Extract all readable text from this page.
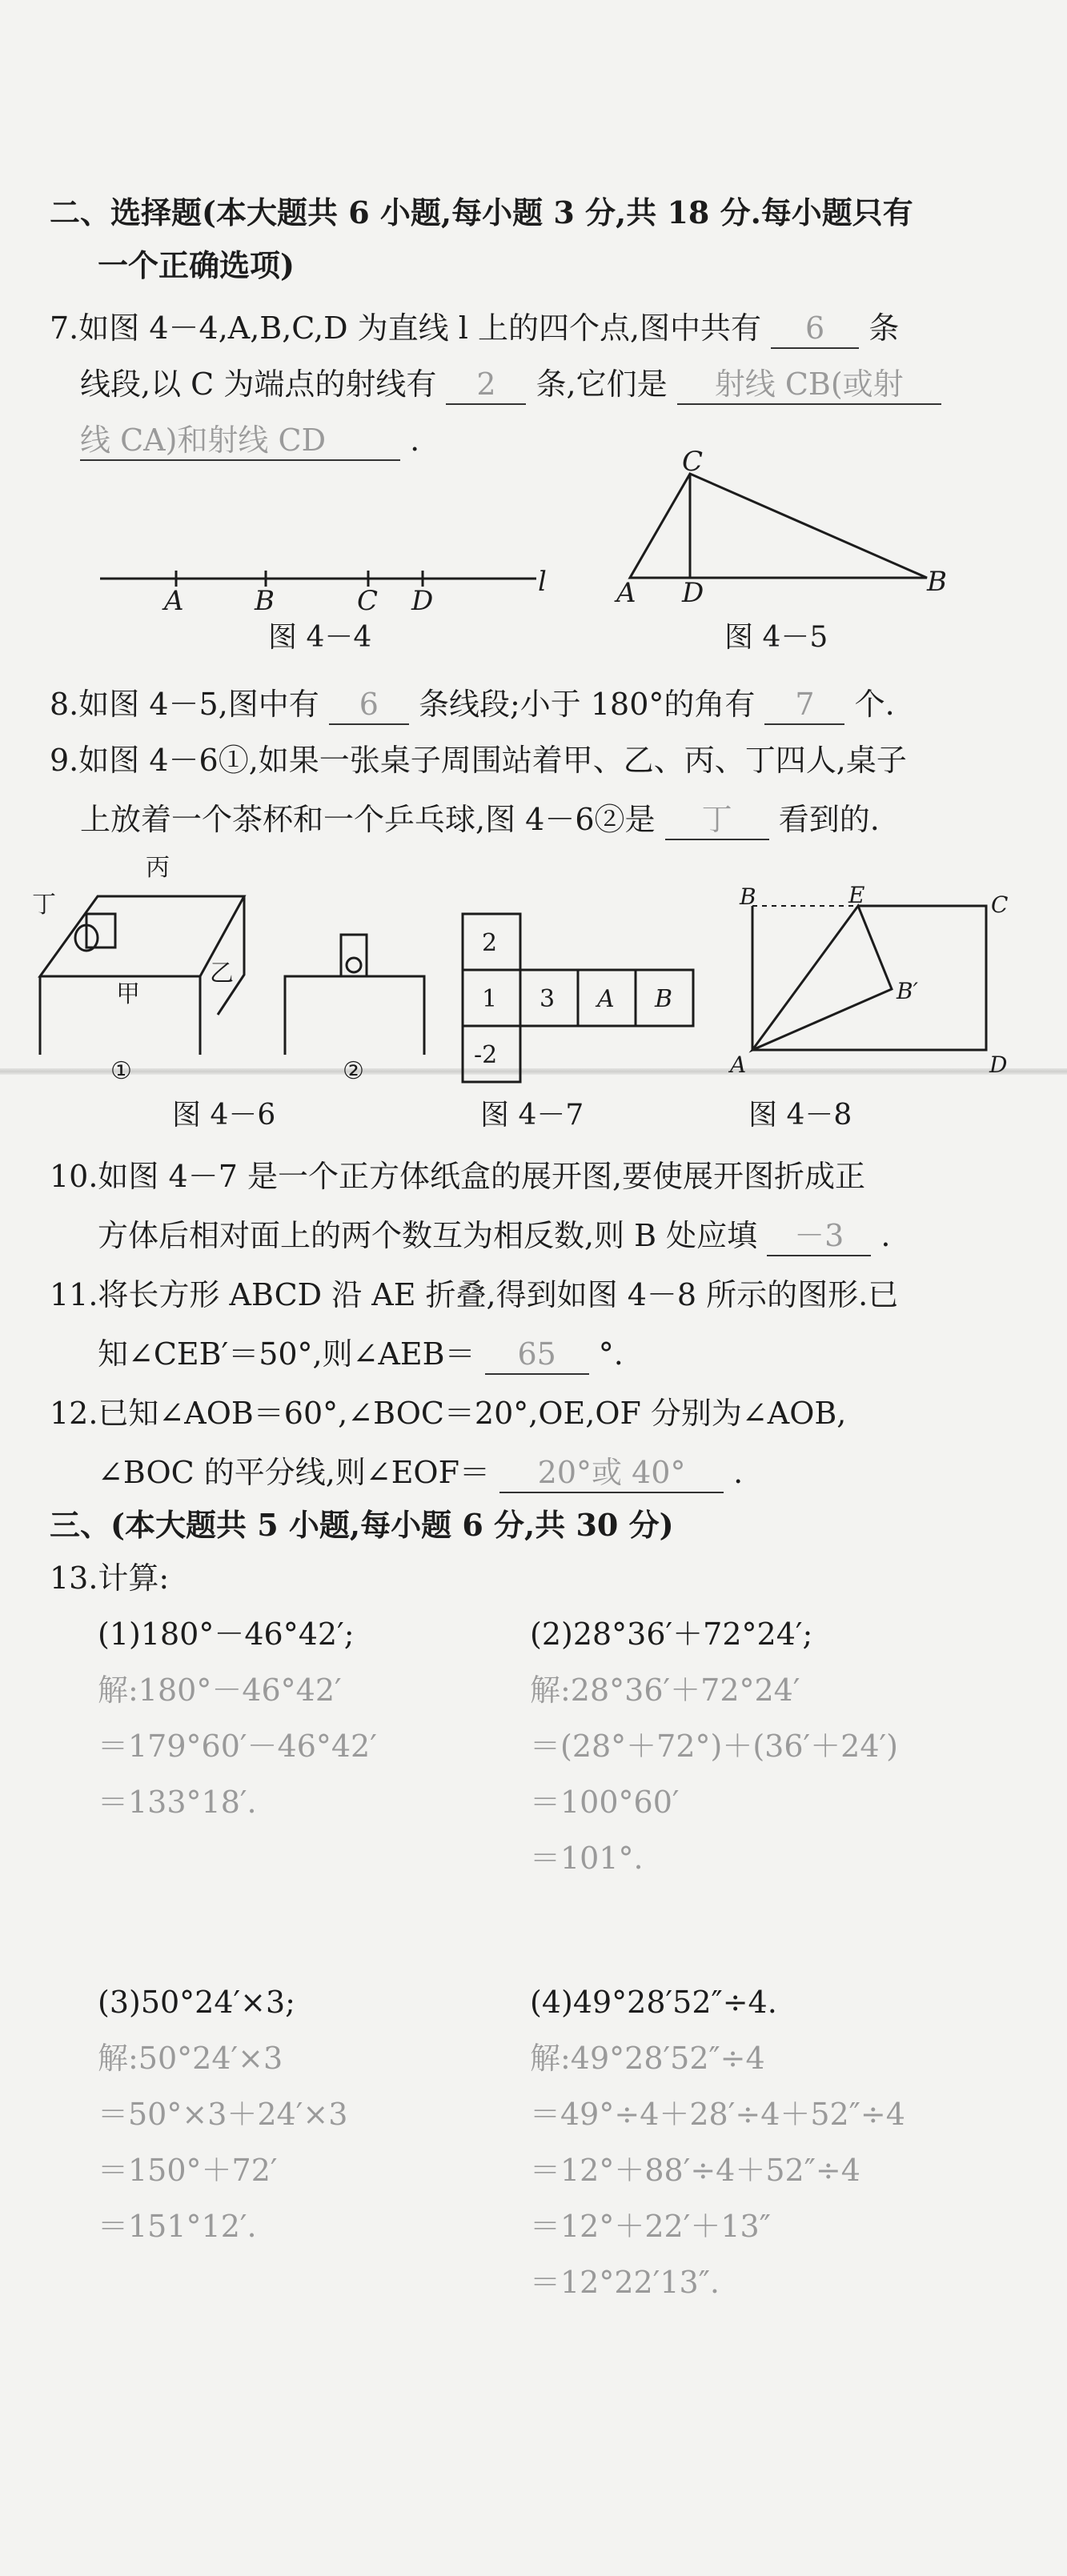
二、选择题(本大题共 6 小题,每小题 3 分,共 18 分.每小题只有
一个正确选项)
7.如图 4－4,A,B,C,D 为直线 l 上的四个点,图中共有 6 条
线段,以 C 为端点的射线有 2 条,它们是 射线 CB(或射
线 CA)和射线 CD	.
A	B	C D
l
C
A D	B
B	E	C
B′
A	D
丙
丁
甲
乙
①	②
2
1 3 A B
-2
图 4－4	图 4－5
8.如图 4－5,图中有 6 条线段;小于 180°的角有 7 个.
9.如图 4－6①,如果一张桌子周围站着甲、乙、丙、丁四人,桌子
上放着一个茶杯和一个乒乓球,图 4－6②是 丁 看到的.
图 4－6	图 4－7	图 4－8
10.如图 4－7 是一个正方体纸盒的展开图,要使展开图折成正
方体后相对面上的两个数互为相反数,则 B 处应填 －3 .
11.将长方形 ABCD 沿 AE 折叠,得到如图 4－8 所示的图形.已
知∠CEB′＝50°,则∠AEB＝ 65 °.
12.已知∠AOB＝60°,∠BOC＝20°,OE,OF 分别为∠AOB,
∠BOC 的平分线,则∠EOF＝ 20°或 40° .
三、(本大题共 5 小题,每小题 6 分,共 30 分)
13.计算:
(1)180°－46°42′;
解:180°－46°42′
＝179°60′－46°42′
＝133°18′.
(2)28°36′＋72°24′;
解:28°36′＋72°24′
＝(28°＋72°)＋(36′＋24′)
＝100°60′
＝101°.
(3)50°24′×3;
解:50°24′×3
＝50°×3＋24′×3
＝150°＋72′
＝151°12′.
(4)49°28′52″÷4.
解:49°28′52″÷4
＝49°÷4＋28′÷4＋52″÷4
＝12°＋88′÷4＋52″÷4
＝12°＋22′＋13″
＝12°22′13″.
